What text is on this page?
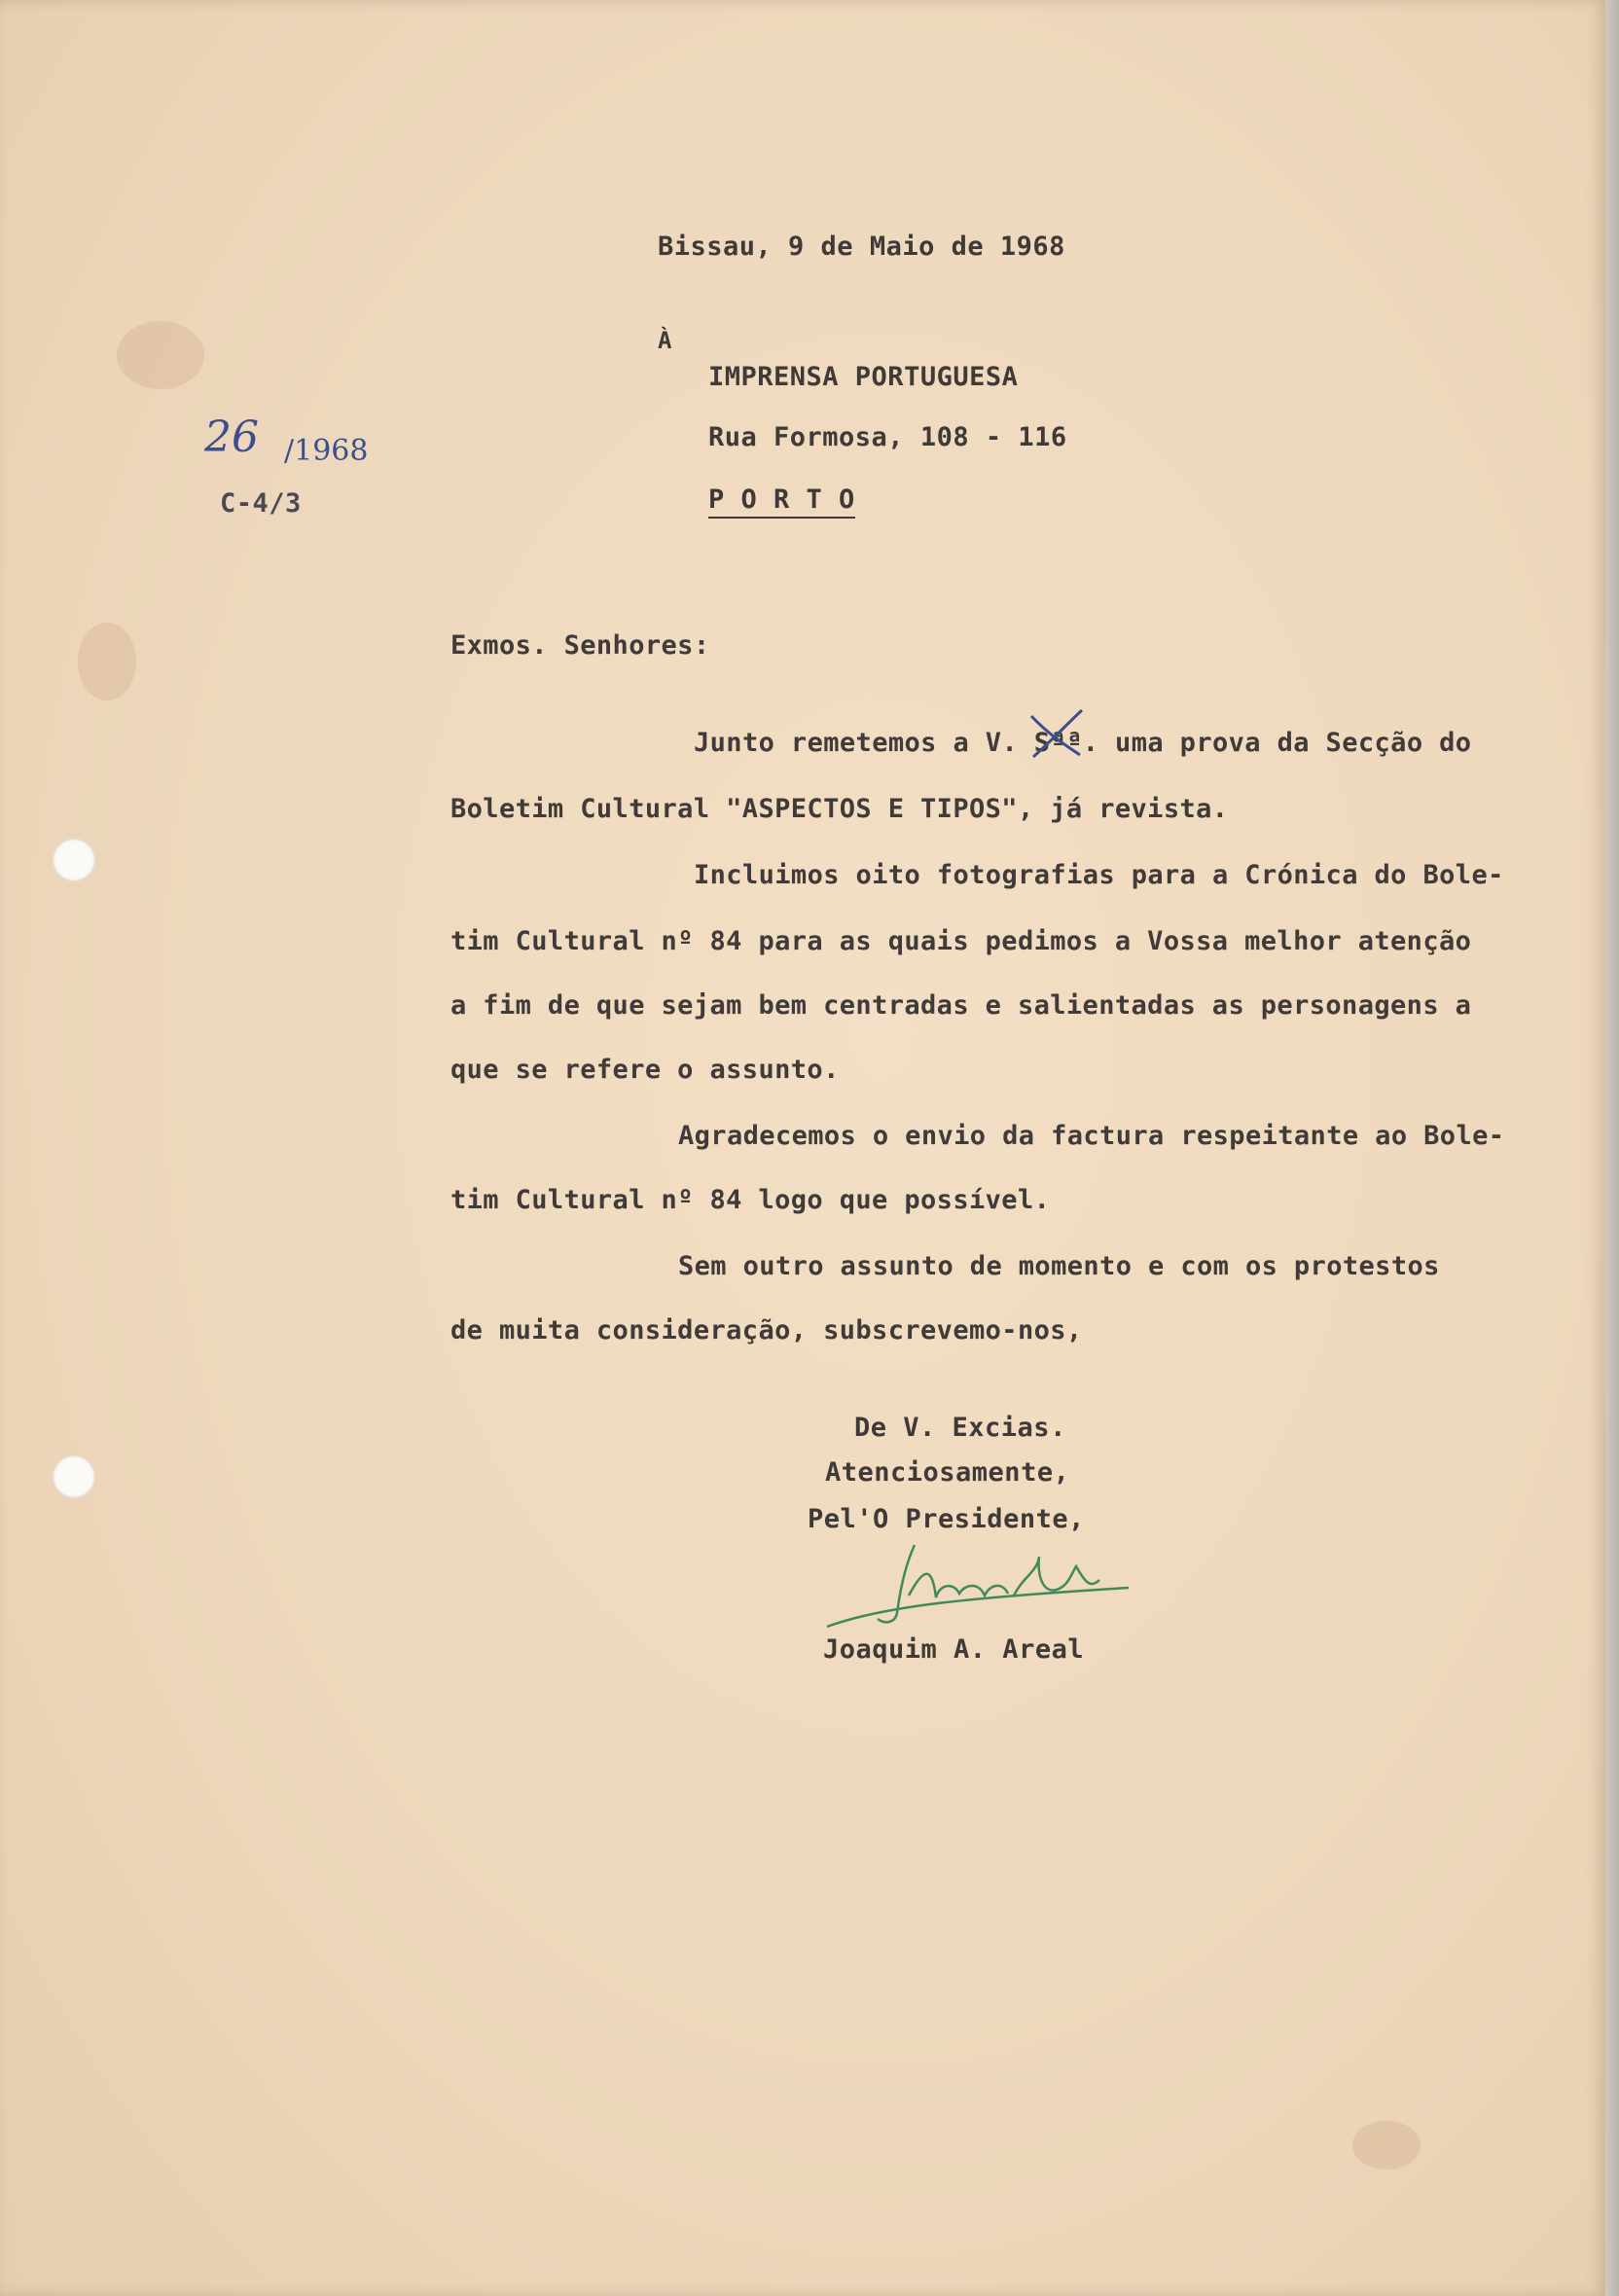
Bissau, 9 de Maio de 1968
À
IMPRENSA PORTUGUESA
Rua Formosa, 108 - 116
P O R T O
26 /1968
C-4/3
Exmos. Senhores:
Junto remetemos a V. Sªª. uma prova da Secção do
Boletim Cultural "ASPECTOS E TIPOS", já revista.
Incluimos oito fotografias para a Crónica do Bole-
tim Cultural nº 84 para as quais pedimos a Vossa melhor atenção
a fim de que sejam bem centradas e salientadas as personagens a
que se refere o assunto.
Agradecemos o envio da factura respeitante ao Bole-
tim Cultural nº 84 logo que possível.
Sem outro assunto de momento e com os protestos
de muita consideração, subscrevemo-nos,
De V. Excias.
Atenciosamente,
Pel'O Presidente,
Joaquim A. Areal
